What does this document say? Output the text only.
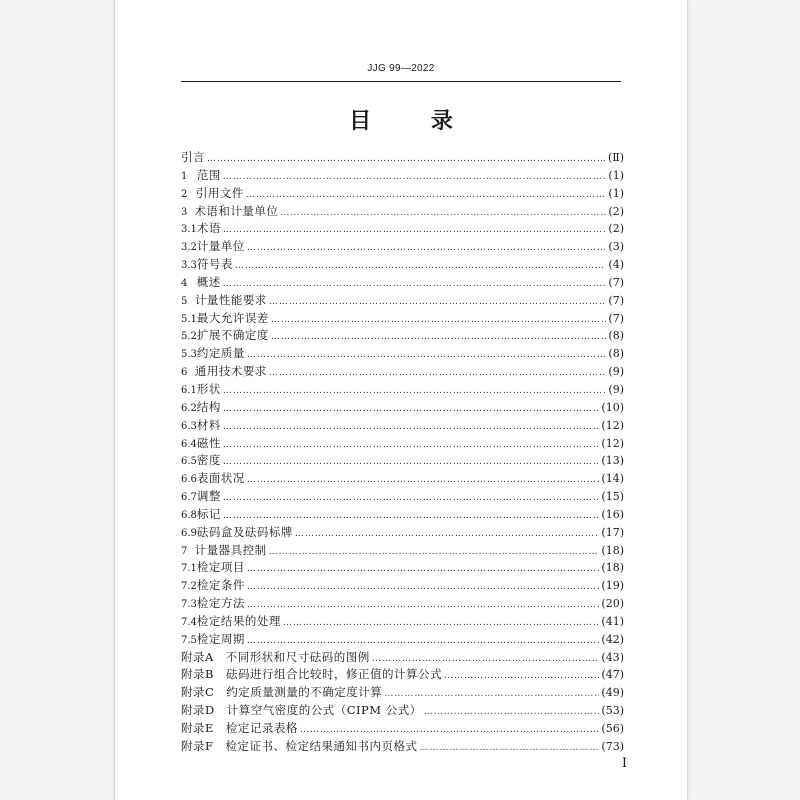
JJG 99—2022
目 录
引言 ……………………………………………………………………………………………………………………………………………………………………………………	(Ⅱ)
1 范围 ……………………………………………………………………………………………………………………………………………………………………………………	(1)
2 引用文件 ……………………………………………………………………………………………………………………………………………………………………………………	(1)
3 术语和计量单位 ……………………………………………………………………………………………………………………………………………………………………………………	(2)
3.1 术语 ……………………………………………………………………………………………………………………………………………………………………………………	(2)
3.2 计量单位 ……………………………………………………………………………………………………………………………………………………………………………………	(3)
3.3 符号表 ……………………………………………………………………………………………………………………………………………………………………………………	(4)
4 概述 ……………………………………………………………………………………………………………………………………………………………………………………	(7)
5 计量性能要求 ……………………………………………………………………………………………………………………………………………………………………………………	(7)
5.1 最大允许误差 ……………………………………………………………………………………………………………………………………………………………………………………	(7)
5.2 扩展不确定度 ……………………………………………………………………………………………………………………………………………………………………………………	(8)
5.3 约定质量 ……………………………………………………………………………………………………………………………………………………………………………………	(8)
6 通用技术要求 ……………………………………………………………………………………………………………………………………………………………………………………	(9)
6.1 形状 ……………………………………………………………………………………………………………………………………………………………………………………	(9)
6.2 结构 ……………………………………………………………………………………………………………………………………………………………………………………	(10)
6.3 材料 ……………………………………………………………………………………………………………………………………………………………………………………	(12)
6.4 磁性 ……………………………………………………………………………………………………………………………………………………………………………………	(12)
6.5 密度 ……………………………………………………………………………………………………………………………………………………………………………………	(13)
6.6 表面状况 ……………………………………………………………………………………………………………………………………………………………………………………	(14)
6.7 调整 ……………………………………………………………………………………………………………………………………………………………………………………	(15)
6.8 标记 ……………………………………………………………………………………………………………………………………………………………………………………	(16)
6.9 砝码盒及砝码标牌 ……………………………………………………………………………………………………………………………………………………………………………………	(17)
7 计量器具控制 ……………………………………………………………………………………………………………………………………………………………………………………	(18)
7.1 检定项目 ……………………………………………………………………………………………………………………………………………………………………………………	(18)
7.2 检定条件 ……………………………………………………………………………………………………………………………………………………………………………………	(19)
7.3 检定方法 ……………………………………………………………………………………………………………………………………………………………………………………	(20)
7.4 检定结果的处理 ……………………………………………………………………………………………………………………………………………………………………………………	(41)
7.5 检定周期 ……………………………………………………………………………………………………………………………………………………………………………………	(42)
附录A　不同形状和尺寸砝码的图例 ……………………………………………………………………………………………………………………………………………………………………………………	(43)
附录B　砝码进行组合比较时，修正值的计算公式 ……………………………………………………………………………………………………………………………………………………………………………………	(47)
附录C　约定质量测量的不确定度计算 ……………………………………………………………………………………………………………………………………………………………………………………	(49)
附录D　计算空气密度的公式（CIPM 公式） ……………………………………………………………………………………………………………………………………………………………………………………	(53)
附录E　检定记录表格 ……………………………………………………………………………………………………………………………………………………………………………………	(56)
附录F　检定证书、检定结果通知书内页格式 ……………………………………………………………………………………………………………………………………………………………………………………	(73)
I
